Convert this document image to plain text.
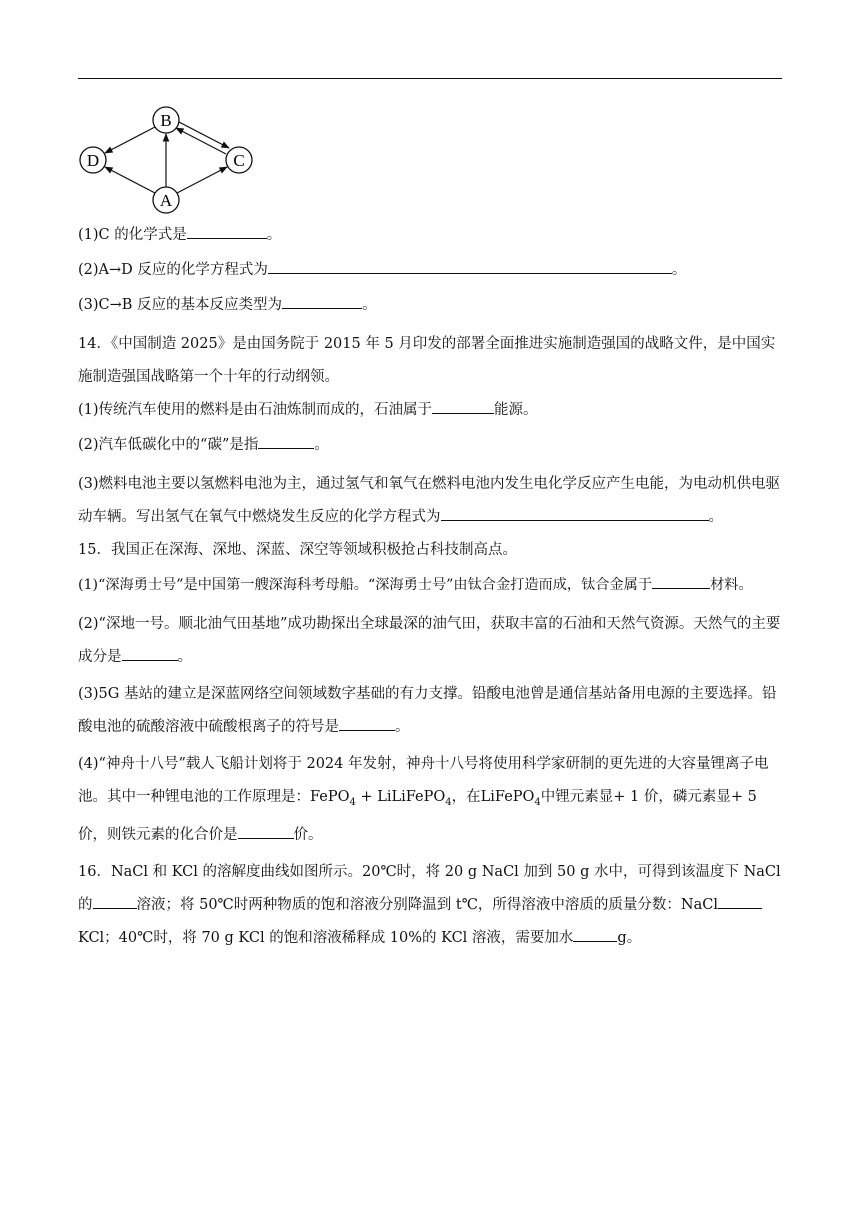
B
D	C
A
(1)C 的化学式是	。
(2)A→D 反应的化学方程式为	。
(3)C→B 反应的基本反应类型为	。
14．《中国制造 2025》是由国务院于 2015 年 5 月印发的部署全面推进实施制造强国的战略文件，是中国实施制造强国战略第一个十年的行动纲领。
(1)传统汽车使用的燃料是由石油炼制而成的，石油属于	能源。
(2)汽车低碳化中的“碳”是指	。
(3)燃料电池主要以氢燃料电池为主，通过氢气和氧气在燃料电池内发生电化学反应产生电能，为电动机供电驱动车辆。写出氢气在氧气中燃烧发生反应的化学方程式为	。
15．我国正在深海、深地、深蓝、深空等领域积极抢占科技制高点。
(1)“深海勇士号”是中国第一艘深海科考母船。“深海勇士号”由钛合金打造而成，钛合金属于	材料。
(2)“深地一号。顺北油气田基地”成功勘探出全球最深的油气田，获取丰富的石油和天然气资源。天然气的主要成分是	。
(3)5G 基站的建立是深蓝网络空间领域数字基础的有力支撑。铅酸电池曾是通信基站备用电源的主要选择。铅酸电池的硫酸溶液中硫酸根离子的符号是	。
(4)“神舟十八号”载人飞船计划将于 2024 年发射，神舟十八号将使用科学家研制的更先进的大容量锂离子电池。其中一种锂电池的工作原理是：FePO$_4$ + LiLiFePO$_4$，在LiFePO$_4$中锂元素显+ 1 价，磷元素显+ 5 价，则铁元素的化合价是	价。
16．NaCl 和 KCl 的溶解度曲线如图所示。20℃时，将 20 g NaCl 加到 50 g 水中，可得到该温度下 NaCl 的	溶液；将 50℃时两种物质的饱和溶液分别降温到 t℃，所得溶液中溶质的质量分数：NaClKCl；40℃时，将 70 g KCl 的饱和溶液稀释成 10%的 KCl 溶液，需要加水	g。
